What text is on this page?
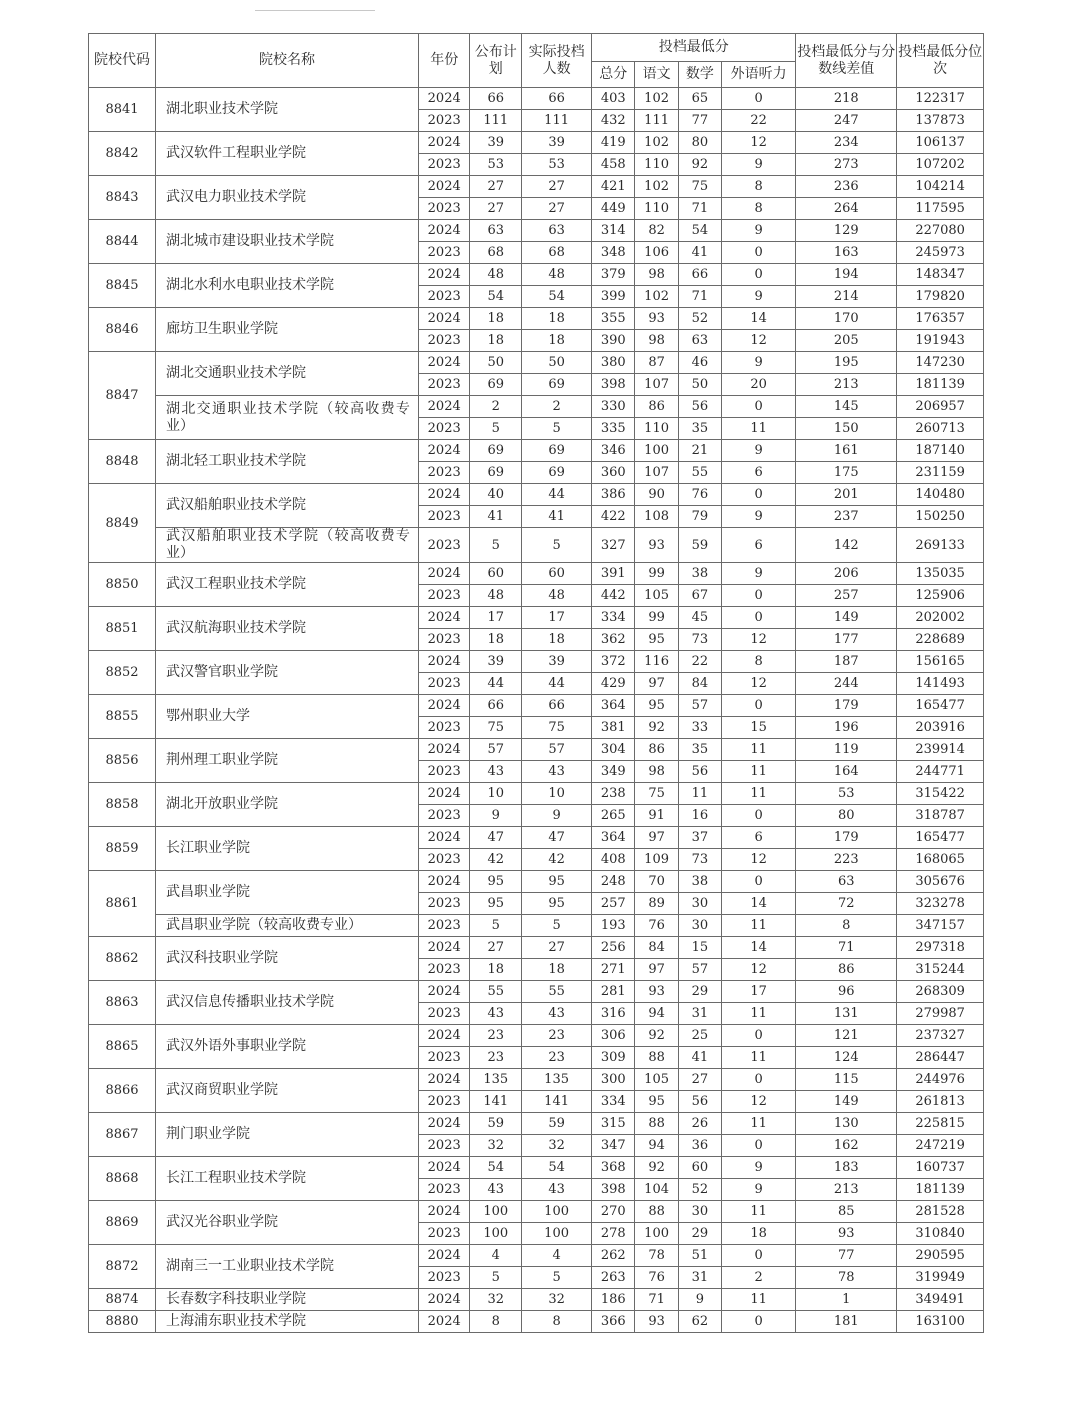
院校代码	院校名称	年份	公布计划	实际投档人数	投档最低分				投档最低分与分数线差值	投档最低分位次
					总分	语文	数学	外语听力		
8841	湖北职业技术学院	2024	66	66	403	102	65	0	218	122317
		2023	111	111	432	111	77	22	247	137873
8842	武汉软件工程职业学院	2024	39	39	419	102	80	12	234	106137
		2023	53	53	458	110	92	9	273	107202
8843	武汉电力职业技术学院	2024	27	27	421	102	75	8	236	104214
		2023	27	27	449	110	71	8	264	117595
8844	湖北城市建设职业技术学院	2024	63	63	314	82	54	9	129	227080
		2023	68	68	348	106	41	0	163	245973
8845	湖北水利水电职业技术学院	2024	48	48	379	98	66	0	194	148347
		2023	54	54	399	102	71	9	214	179820
8846	廊坊卫生职业学院	2024	18	18	355	93	52	14	170	176357
		2023	18	18	390	98	63	12	205	191943
8847	湖北交通职业技术学院	2024	50	50	380	87	46	9	195	147230
		2023	69	69	398	107	50	20	213	181139
	湖北交通职业技术学院（较高收费专业）	2024	2	2	330	86	56	0	145	206957
		2023	5	5	335	110	35	11	150	260713
8848	湖北轻工职业技术学院	2024	69	69	346	100	21	9	161	187140
		2023	69	69	360	107	55	6	175	231159
8849	武汉船舶职业技术学院	2024	40	44	386	90	76	0	201	140480
		2023	41	41	422	108	79	9	237	150250
	武汉船舶职业技术学院（较高收费专业）	2023	5	5	327	93	59	6	142	269133
8850	武汉工程职业技术学院	2024	60	60	391	99	38	9	206	135035
		2023	48	48	442	105	67	0	257	125906
8851	武汉航海职业技术学院	2024	17	17	334	99	45	0	149	202002
		2023	18	18	362	95	73	12	177	228689
8852	武汉警官职业学院	2024	39	39	372	116	22	8	187	156165
		2023	44	44	429	97	84	12	244	141493
8855	鄂州职业大学	2024	66	66	364	95	57	0	179	165477
		2023	75	75	381	92	33	15	196	203916
8856	荆州理工职业学院	2024	57	57	304	86	35	11	119	239914
		2023	43	43	349	98	56	11	164	244771
8858	湖北开放职业学院	2024	10	10	238	75	11	11	53	315422
		2023	9	9	265	91	16	0	80	318787
8859	长江职业学院	2024	47	47	364	97	37	6	179	165477
		2023	42	42	408	109	73	12	223	168065
8861	武昌职业学院	2024	95	95	248	70	38	0	63	305676
		2023	95	95	257	89	30	14	72	323278
	武昌职业学院（较高收费专业）	2023	5	5	193	76	30	11	8	347157
8862	武汉科技职业学院	2024	27	27	256	84	15	14	71	297318
		2023	18	18	271	97	57	12	86	315244
8863	武汉信息传播职业技术学院	2024	55	55	281	93	29	17	96	268309
		2023	43	43	316	94	31	11	131	279987
8865	武汉外语外事职业学院	2024	23	23	306	92	25	0	121	237327
		2023	23	23	309	88	41	11	124	286447
8866	武汉商贸职业学院	2024	135	135	300	105	27	0	115	244976
		2023	141	141	334	95	56	12	149	261813
8867	荆门职业学院	2024	59	59	315	88	26	11	130	225815
		2023	32	32	347	94	36	0	162	247219
8868	长江工程职业技术学院	2024	54	54	368	92	60	9	183	160737
		2023	43	43	398	104	52	9	213	181139
8869	武汉光谷职业学院	2024	100	100	270	88	30	11	85	281528
		2023	100	100	278	100	29	18	93	310840
8872	湖南三一工业职业技术学院	2024	4	4	262	78	51	0	77	290595
		2023	5	5	263	76	31	2	78	319949
8874	长春数字科技职业学院	2024	32	32	186	71	9	11	1	349491
8880	上海浦东职业技术学院	2024	8	8	366	93	62	0	181	163100
